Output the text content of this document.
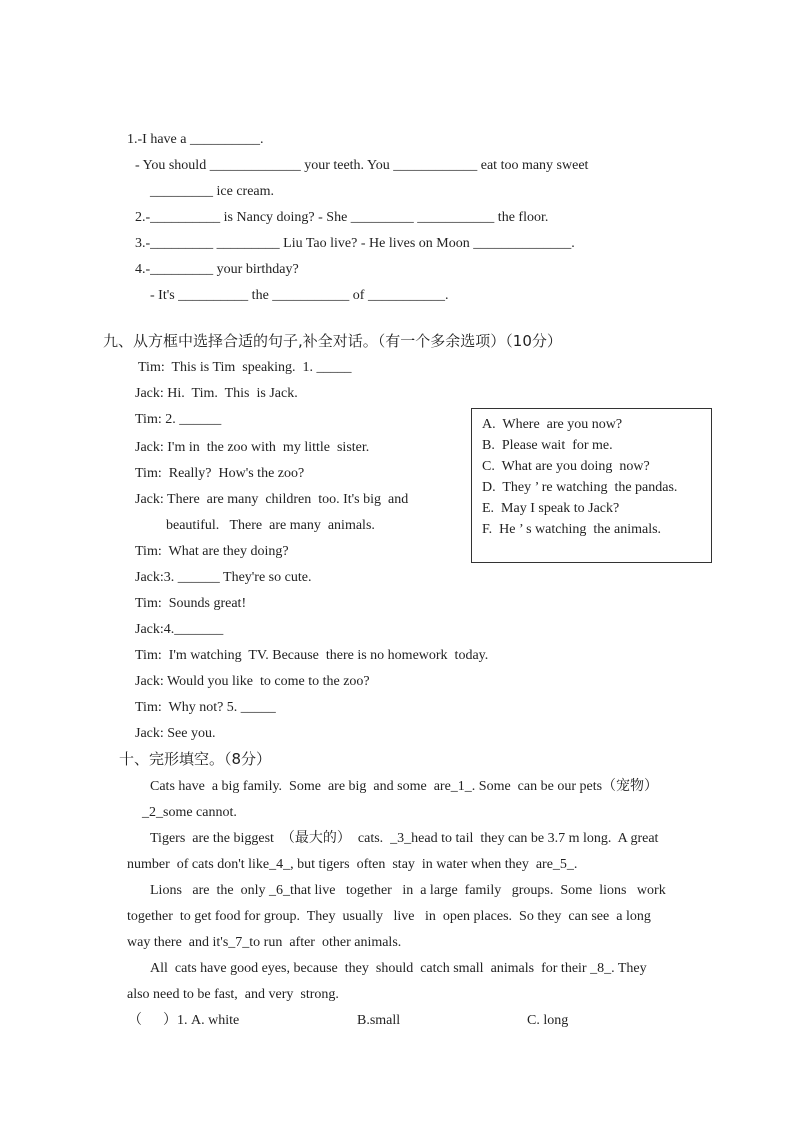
1.-I have a __________.
- You should _____________ your teeth. You ____________ eat too many sweet
_________ ice cream.
2.-__________ is Nancy doing? - She _________ ___________ the floor.
3.-_________ _________ Liu Tao live? - He lives on Moon ______________.
4.-_________ your birthday?
- It's __________ the ___________ of ___________.
九、从方框中选择合适的句子,补全对话。（有一个多余选项）（10分）
Tim:  This is Tim  speaking.  1. _____
Jack: Hi.  Tim.  This  is Jack.
Tim: 2. ______
Jack: I'm in  the zoo with  my little  sister.
Tim:  Really?  How's the zoo?
Jack: There  are many  children  too. It's big  and
beautiful.   There  are many  animals.
Tim:  What are they doing?
Jack:3. ______ They're so cute.
Tim:  Sounds great!
Jack:4._______
Tim:  I'm watching  TV. Because  there is no homework  today.
Jack: Would you like  to come to the zoo?
Tim:  Why not? 5. _____
Jack: See you.
A.  Where  are you now?
B.  Please wait  for me.
C.  What are you doing  now?
D.  They ’ re watching  the pandas.
E.  May I speak to Jack?
F.  He ’ s watching  the animals.
十、完形填空。（8分）
Cats have  a big family.  Some  are big  and some  are_1_. Some  can be our pets（宠物）
_2_some cannot.
Tigers  are the biggest  （最大的）  cats.  _3_head to tail  they can be 3.7 m long.  A great
number  of cats don't like_4_, but tigers  often  stay  in water when they  are_5_.
Lions   are  the  only _6_that live   together   in  a large  family   groups.  Some  lions   work
together  to get food for group.  They  usually   live   in  open places.  So they  can see  a long
way there  and it's_7_to run  after  other animals.
All  cats have good eyes, because  they  should  catch small  animals  for their _8_. They
also need to be fast,  and very  strong.
（      ）1. A. white	B.small	C. long
